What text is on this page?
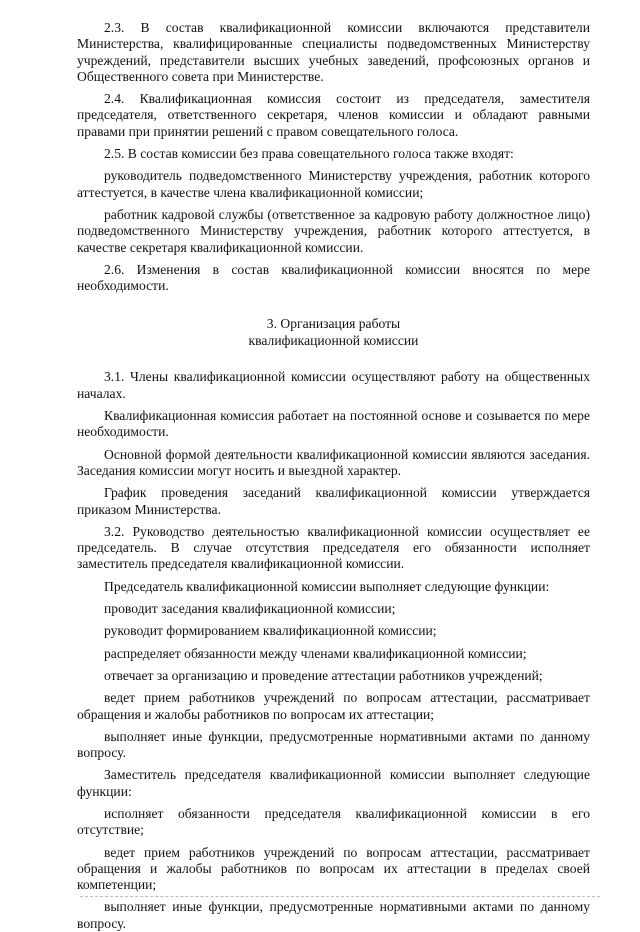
2.3. В состав квалификационной комиссии включаются представители Министерства, квалифицированные специалисты подведомственных Министерству учреждений, представители высших учебных заведений, профсоюзных органов и Общественного совета при Министерстве.

2.4. Квалификационная комиссия состоит из председателя, заместителя председателя, ответственного секретаря, членов комиссии и обладают равными правами при принятии решений с правом совещательного голоса.

2.5. В состав комиссии без права совещательного голоса также входят:

руководитель подведомственного Министерству учреждения, работник которого аттестуется, в качестве члена квалификационной комиссии;

работник кадровой службы (ответственное за кадровую работу должностное лицо) подведомственного Министерству учреждения, работник которого аттестуется, в качестве секретаря квалификационной комиссии.

2.6. Изменения в состав квалификационной комиссии вносятся по мере необходимости.

3. Организация работы
квалификационной комиссии

3.1. Члены квалификационной комиссии осуществляют работу на общественных началах.

Квалификационная комиссия работает на постоянной основе и созывается по мере необходимости.

Основной формой деятельности квалификационной комиссии являются заседания. Заседания комиссии могут носить и выездной характер.

График проведения заседаний квалификационной комиссии утверждается приказом Министерства.

3.2. Руководство деятельностью квалификационной комиссии осуществляет ее председатель. В случае отсутствия председателя его обязанности исполняет заместитель председателя квалификационной комиссии.

Председатель квалификационной комиссии выполняет следующие функции:

проводит заседания квалификационной комиссии;

руководит формированием квалификационной комиссии;

распределяет обязанности между членами квалификационной комиссии;

отвечает за организацию и проведение аттестации работников учреждений;

ведет прием работников учреждений по вопросам аттестации, рассматривает обращения и жалобы работников по вопросам их аттестации;

выполняет иные функции, предусмотренные нормативными актами по данному вопросу.

Заместитель председателя квалификационной комиссии выполняет следующие функции:

исполняет обязанности председателя квалификационной комиссии в его отсутствие;

ведет прием работников учреждений по вопросам аттестации, рассматривает обращения и жалобы работников по вопросам их аттестации в пределах своей компетенции;

выполняет иные функции, предусмотренные нормативными актами по данному вопросу.
